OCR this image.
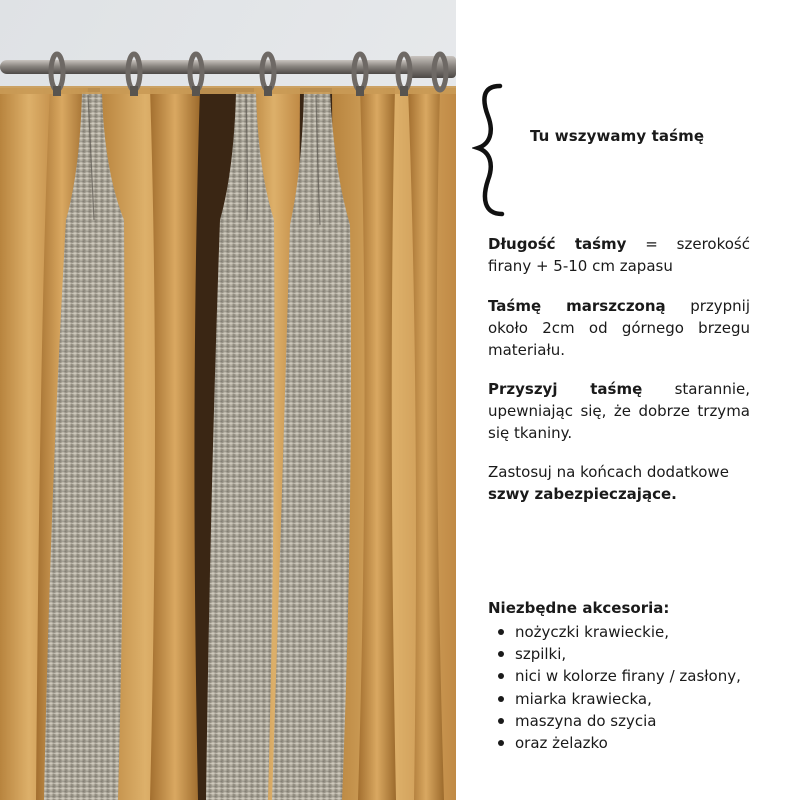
Tu wszywamy taśmę

Długość taśmy = szerokość firany + 5-10 cm zapasu

Taśmę marszczoną przypnij około 2cm od górnego brzegu materiału.

Przyszyj taśmę starannie, upewniając się, że dobrze trzyma się tkaniny.

Zastosuj na końcach dodatkowe
szwy zabezpieczające.

Niezbędne akcesoria:
nożyczki krawieckie,
szpilki,
nici w kolorze firany / zasłony,
miarka krawiecka,
maszyna do szycia
oraz żelazko
